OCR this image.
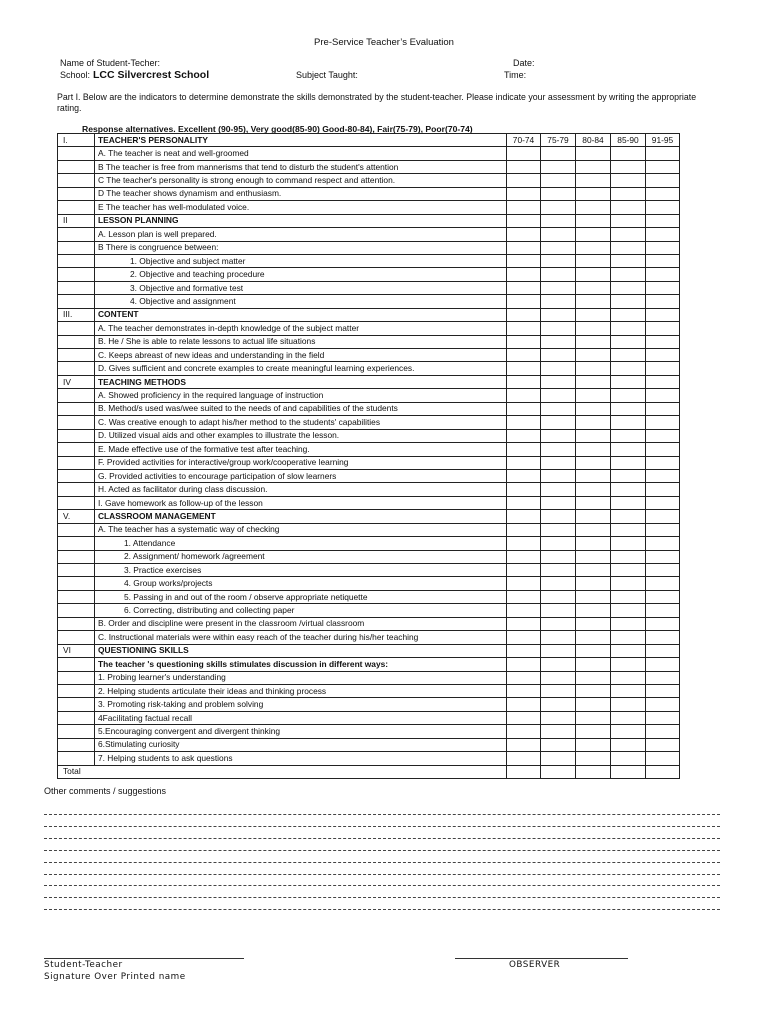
Pre-Service Teacher’s Evaluation
Name of Student-Techer:	Date:
School: LCC Silvercrest School	Subject Taught:	Time:
Part I. Below are the indicators to determine demonstrate the skills demonstrated by the student-teacher. Please indicate your assessment by writing the appropriate rating.
Response alternatives. Excellent (90-95), Very good(85-90) Good-80-84), Fair(75-79), Poor(70-74)
I.	TEACHER'S PERSONALITY	70-74	75-79	80-84	85-90	91-95
	A. The teacher is neat and well-groomed					
	B The teacher is free from mannerisms that tend to disturb the student's attention					
	C The teacher's personality is strong enough to command respect and attention.					
	D The teacher shows dynamism and enthusiasm.					
	E The teacher has well-modulated voice.					
II	LESSON PLANNING					
	A. Lesson plan is well prepared.					
	B There is congruence between:					
	1. Objective and subject matter					
	2. Objective and teaching procedure					
	3. Objective and formative test					
	4. Objective and assignment					
III.	CONTENT					
	A. The teacher demonstrates in-depth knowledge of the subject matter					
	B. He / She is able to relate lessons to actual life situations					
	C. Keeps abreast of new ideas and understanding in the field					
	D. Gives sufficient and concrete examples to create meaningful learning experiences.					
IV	TEACHING METHODS					
	A. Showed proficiency in the required language of instruction					
	B. Method/s used was/wee suited to the needs of and capabilities of the students					
	C. Was creative enough to adapt his/her method to the students' capabilities					
	D. Utilized visual aids and other examples to illustrate the lesson.					
	E. Made effective use of the formative test after teaching.					
	F. Provided activities for interactive/group work/cooperative learning					
	G. Provided activities to encourage participation of slow learners					
	H. Acted as facilitator during class discussion.					
	I. Gave homework as follow-up of the lesson					
V.	CLASSROOM MANAGEMENT					
	A. The teacher has a systematic way of checking					
	1. Attendance					
	2. Assignment/ homework /agreement					
	3. Practice exercises					
	4. Group works/projects					
	5. Passing in and out of the room / observe appropriate netiquette					
	6. Correcting, distributing and collecting paper					
	B. Order and discipline were present in the classroom /virtual classroom					
	C. Instructional materials were within easy reach of the teacher during his/her teaching					
VI	QUESTIONING SKILLS					
	The teacher 's questioning skills stimulates discussion in different ways:					
	1. Probing learner's understanding					
	2. Helping students articulate their ideas and thinking process					
	3. Promoting risk-taking and problem solving					
	4Facilitating factual recall					
	5.Encouraging convergent and divergent thinking					
	6.Stimulating curiosity					
	7. Helping students to ask questions					
Total						
Other comments / suggestions
Student-Teacher
Signature Over Printed name
OBSERVER
